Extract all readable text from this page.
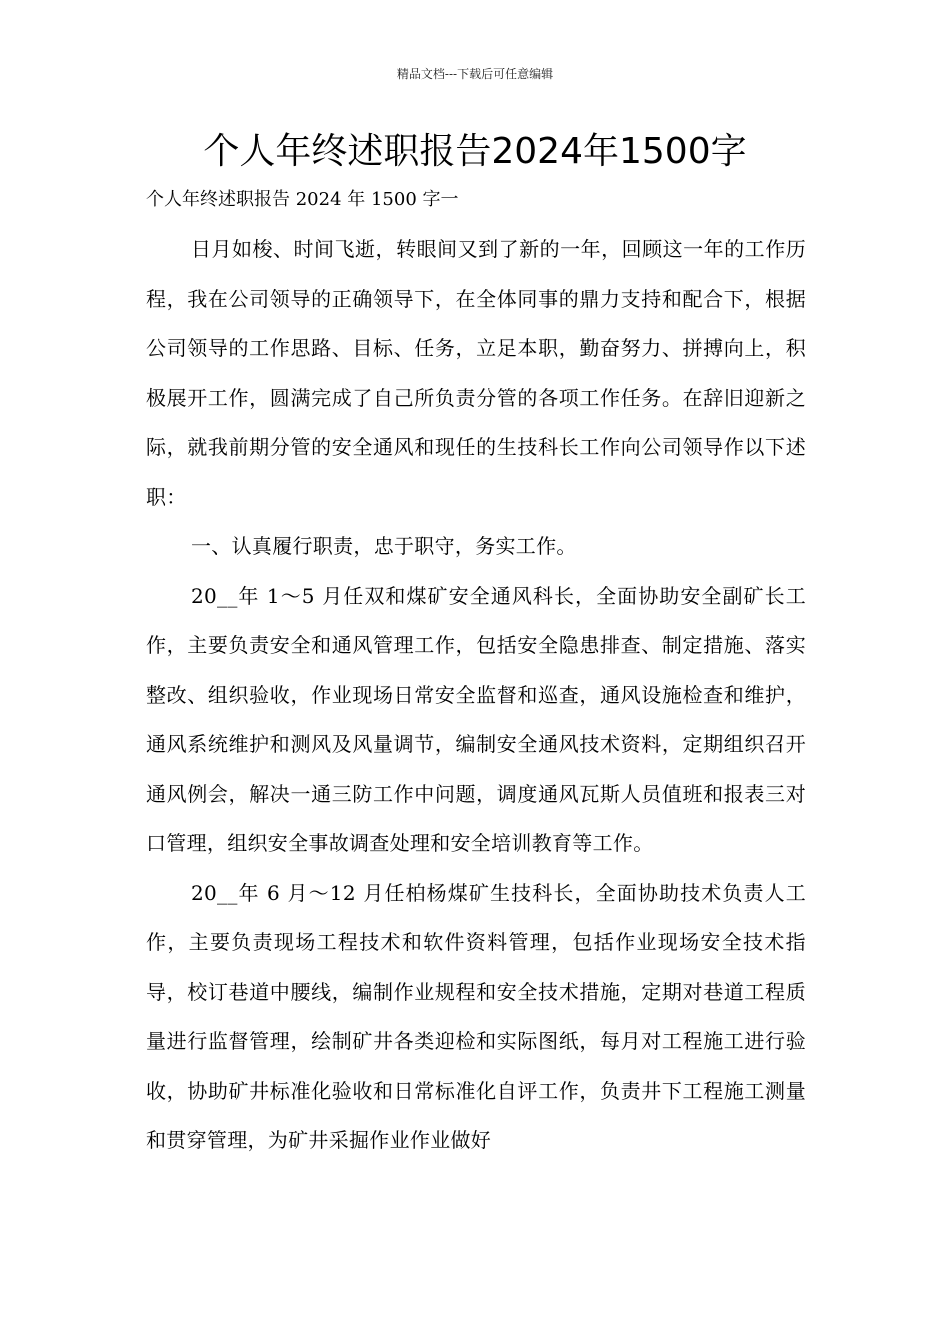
精品文档---下载后可任意编辑
个人年终述职报告2024年1500字
个人年终述职报告 2024 年 1500 字一

日月如梭、时间飞逝，转眼间又到了新的一年，回顾这一年的工作历程，我在公司领导的正确领导下，在全体同事的鼎力支持和配合下，根据公司领导的工作思路、目标、任务，立足本职，勤奋努力、拼搏向上，积极展开工作，圆满完成了自己所负责分管的各项工作任务。在辞旧迎新之际，就我前期分管的安全通风和现任的生技科长工作向公司领导作以下述职：

一、认真履行职责，忠于职守，务实工作。

20__年 1～5 月任双和煤矿安全通风科长，全面协助安全副矿长工作，主要负责安全和通风管理工作，包括安全隐患排查、制定措施、落实整改、组织验收，作业现场日常安全监督和巡查，通风设施检查和维护，通风系统维护和测风及风量调节，编制安全通风技术资料，定期组织召开通风例会，解决一通三防工作中问题，调度通风瓦斯人员值班和报表三对口管理，组织安全事故调查处理和安全培训教育等工作。

20__年 6 月～12 月任柏杨煤矿生技科长，全面协助技术负责人工作，主要负责现场工程技术和软件资料管理，包括作业现场安全技术指导，校订巷道中腰线，编制作业规程和安全技术措施，定期对巷道工程质量进行监督管理，绘制矿井各类迎检和实际图纸，每月对工程施工进行验收，协助矿井标准化验收和日常标准化自评工作，负责井下工程施工测量和贯穿管理，为矿井采掘作业作业做好
